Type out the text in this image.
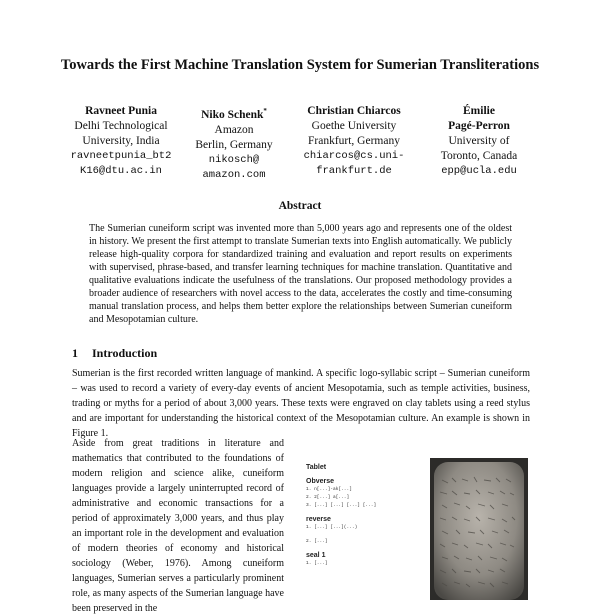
Towards the First Machine Translation System for Sumerian Transliterations
Ravneet Punia
Delhi Technological
University, India
ravneetpunia_bt2
K16@dtu.ac.in
Niko Schenk*
Amazon
Berlin, Germany
nikosch@
amazon.com
Christian Chiarcos
Goethe University
Frankfurt, Germany
chiarcos@cs.uni-
frankfurt.de
Émilie
Pagé-Perron
University of
Toronto, Canada
epp@ucla.edu
Abstract
The Sumerian cuneiform script was invented more than 5,000 years ago and represents one of the oldest in history. We present the first attempt to translate Sumerian texts into English automatically. We publicly release high-quality corpora for standardized training and evaluation and report results on experiments with supervised, phrase-based, and transfer learning techniques for machine translation. Quantitative and qualitative evaluations indicate the usefulness of the translations. Our proposed methodology provides a broader audience of researchers with novel access to the data, accelerates the costly and time-consuming manual translation process, and helps them better explore the relationships between Sumerian cuneiform and Mesopotamian culture.
1 Introduction
Sumerian is the first recorded written language of mankind. A specific logo-syllabic script – Sumerian cuneiform – was used to record a variety of every-day events of ancient Mesopotamia, such as temple activities, business, trading or myths for a period of about 3,000 years. These texts were engraved on clay tablets using a reed stylus and are important for understanding the historical context of the Mesopotamian culture. An example is shown in Figure 1.
Aside from great traditions in literature and mathematics that contributed to the foundations of modern religion and science alike, cuneiform languages provide a largely uninterrupted record of administrative and economic transactions for a period of approximately 3,000 years, and thus play an important role in the development and evaluation of modern theories of economy and historical sociology (Weber, 1976). Among cuneiform languages, Sumerian serves a particularly prominent role, as many aspects of the Sumerian language have been preserved in the
Tablet
Obverse
1. n[...]-ak[...]
2. 2[...] a[...]
3. [...] [...] [...] [...]
reverse
1. [...] [...](...)
2. [...]
seal 1
1. [...]
